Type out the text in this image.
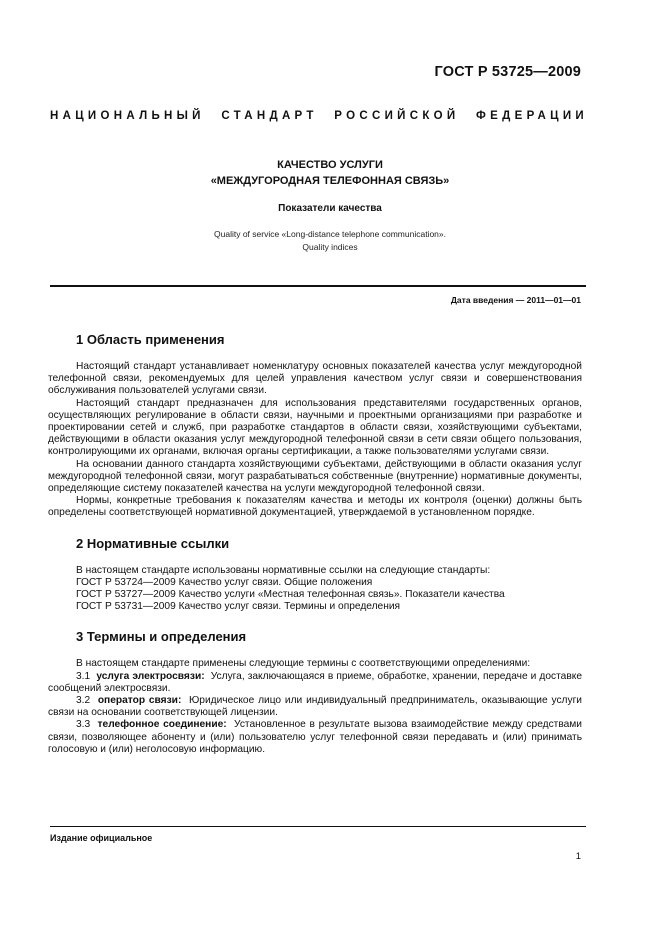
ГОСТ Р 53725—2009
НАЦИОНАЛЬНЫЙ СТАНДАРТ РОССИЙСКОЙ ФЕДЕРАЦИИ
КАЧЕСТВО УСЛУГИ
«МЕЖДУГОРОДНАЯ ТЕЛЕФОННАЯ СВЯЗЬ»
Показатели качества
Quality of service «Long-distance telephone communication».
Quality indices
Дата введения — 2011—01—01
1 Область применения

Настоящий стандарт устанавливает номенклатуру основных показателей качества услуг междугородной телефонной связи, рекомендуемых для целей управления качеством услуг связи и совершенствования обслуживания пользователей услугами связи.

Настоящий стандарт предназначен для использования представителями государственных органов, осуществляющих регулирование в области связи, научными и проектными организациями при разработке и проектировании сетей и служб, при разработке стандартов в области связи, хозяйствующими субъектами, действующими в области оказания услуг междугородной телефонной связи в сети связи общего пользования, контролирующими их органами, включая органы сертификации, а также пользователями услугами связи.

На основании данного стандарта хозяйствующими субъектами, действующими в области оказания услуг междугородной телефонной связи, могут разрабатываться собственные (внутренние) нормативные документы, определяющие систему показателей качества на услуги междугородной телефонной связи.

Нормы, конкретные требования к показателям качества и методы их контроля (оценки) должны быть определены соответствующей нормативной документацией, утверждаемой в установленном порядке.

2 Нормативные ссылки

В настоящем стандарте использованы нормативные ссылки на следующие стандарты:

ГОСТ Р 53724—2009 Качество услуг связи. Общие положения

ГОСТ Р 53727—2009 Качество услуги «Местная телефонная связь». Показатели качества

ГОСТ Р 53731—2009 Качество услуг связи. Термины и определения

3 Термины и определения

В настоящем стандарте применены следующие термины с соответствующими определениями:

3.1 услуга электросвязи: Услуга, заключающаяся в приеме, обработке, хранении, передаче и доставке сообщений электросвязи.

3.2 оператор связи: Юридическое лицо или индивидуальный предприниматель, оказывающие услуги связи на основании соответствующей лицензии.

3.3 телефонное соединение: Установленное в результате вызова взаимодействие между средствами связи, позволяющее абоненту и (или) пользователю услуг телефонной связи передавать и (или) принимать голосовую и (или) неголосовую информацию.

Издание официальное
1
